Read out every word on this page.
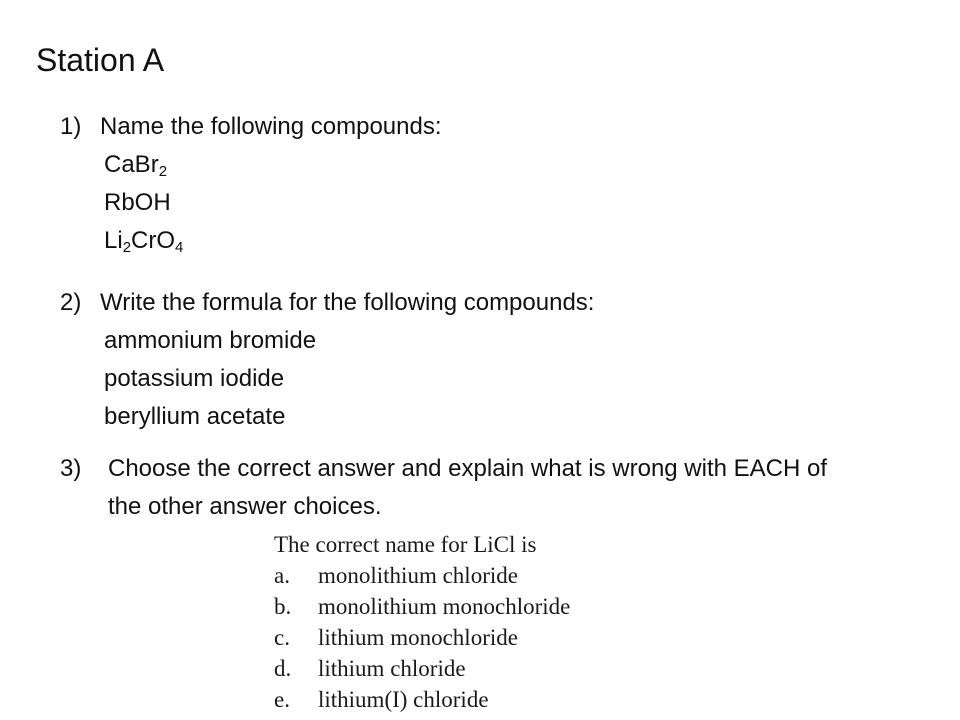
Station A
1) Name the following compounds:
CaBr$_2$
RbOH
$Li_2CrO_4$
2) Write the formula for the following compounds:
ammonium bromide
potassium iodide
beryllium acetate
3)	Choose the correct answer and explain what is wrong with EACH of the other answer choices.
The correct name for LiCl is
a.	monolithium chloride
b.	monolithium monochloride
c.	lithium monochloride
d.	lithium chloride
e.	lithium(I) chloride
